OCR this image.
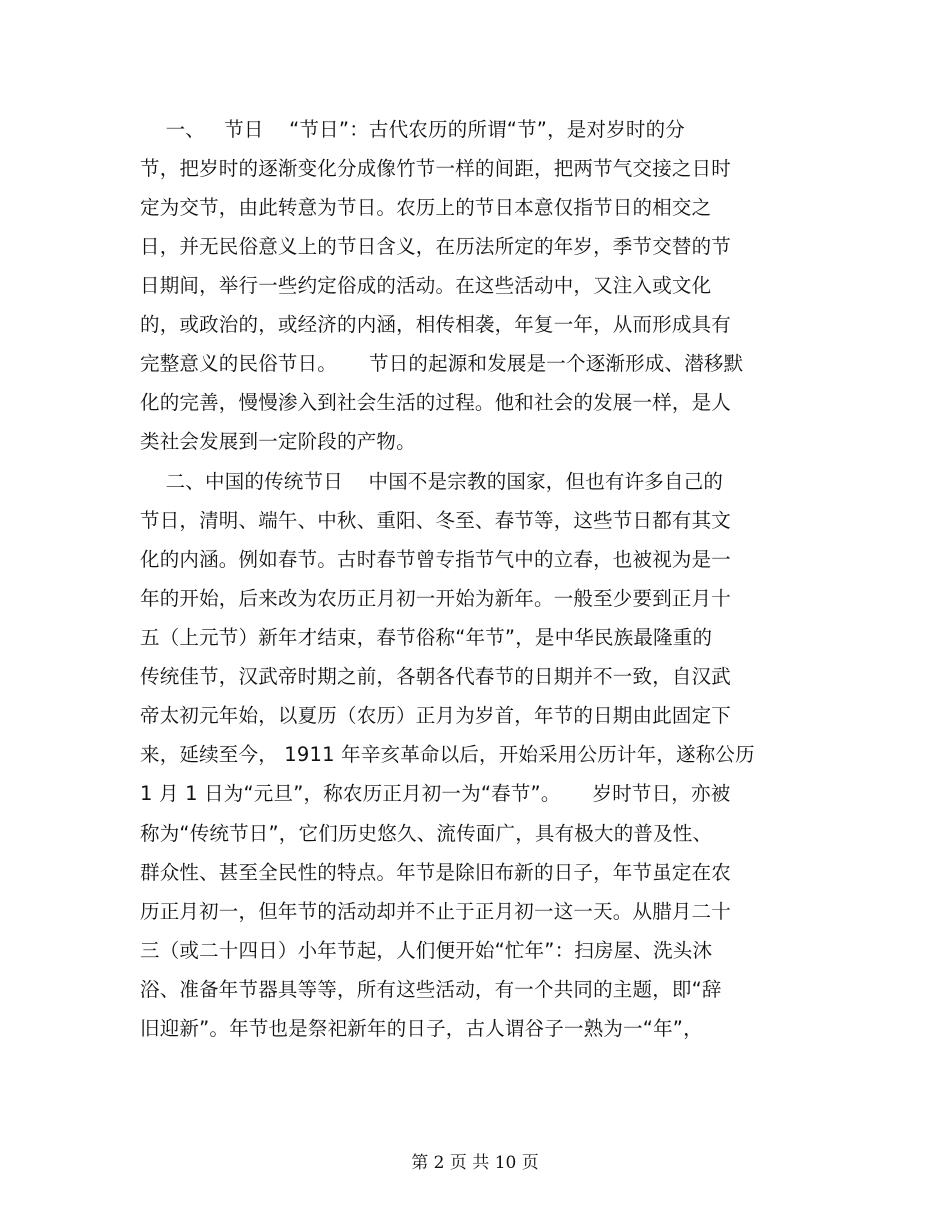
一、   节日    “节日”：古代农历的所谓“节”，是对岁时的分
节，把岁时的逐渐变化分成像竹节一样的间距，把两节气交接之日时
定为交节，由此转意为节日。农历上的节日本意仅指节日的相交之
日，并无民俗意义上的节日含义，在历法所定的年岁，季节交替的节
日期间，举行一些约定俗成的活动。在这些活动中，又注入或文化
的，或政治的，或经济的内涵，相传相袭，年复一年，从而形成具有
完整意义的民俗节日。     节日的起源和发展是一个逐渐形成、潜移默
化的完善，慢慢渗入到社会生活的过程。他和社会的发展一样，是人
类社会发展到一定阶段的产物。
二、中国的传统节日    中国不是宗教的国家，但也有许多自己的
节日，清明、端午、中秋、重阳、冬至、春节等，这些节日都有其文
化的内涵。例如春节。古时春节曾专指节气中的立春，也被视为是一
年的开始，后来改为农历正月初一开始为新年。一般至少要到正月十
五（上元节）新年才结束，春节俗称“年节”，是中华民族最隆重的
传统佳节，汉武帝时期之前，各朝各代春节的日期并不一致，自汉武
帝太初元年始，以夏历（农历）正月为岁首，年节的日期由此固定下
来，延续至今， 1911 年辛亥革命以后，开始采用公历计年，遂称公历
1 月 1 日为“元旦”，称农历正月初一为“春节”。     岁时节日，亦被
称为“传统节日”，它们历史悠久、流传面广，具有极大的普及性、
群众性、甚至全民性的特点。年节是除旧布新的日子，年节虽定在农
历正月初一，但年节的活动却并不止于正月初一这一天。从腊月二十
三（或二十四日）小年节起，人们便开始“忙年”：扫房屋、洗头沐
浴、准备年节器具等等，所有这些活动，有一个共同的主题，即“辞
旧迎新”。年节也是祭祀新年的日子，古人谓谷子一熟为一“年”，
第 2 页 共 10 页
